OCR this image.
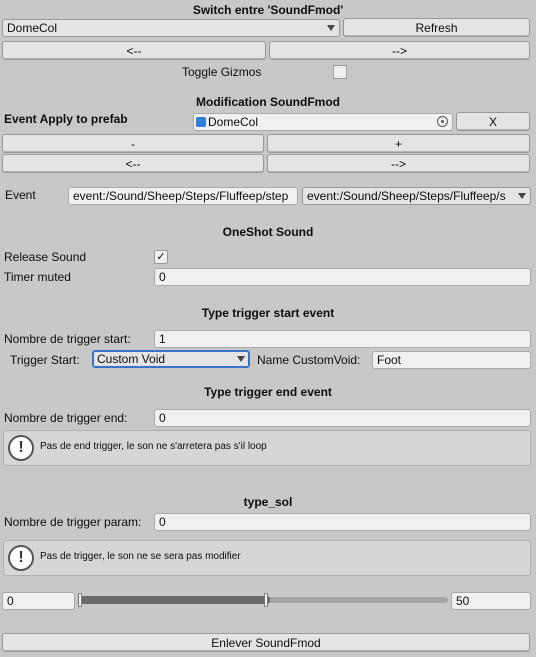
Switch entre 'SoundFmod'
DomeCol	Refresh
<--	-->
Toggle Gizmos
Modification SoundFmod
Event Apply to prefab	DomeCol	X
-	+
<--	-->
Event	event:/Sound/Sheep/Steps/Fluffeep/step	event:/Sound/Sheep/Steps/Fluffeep/s
OneShot Sound
Release Sound	✓
Timer muted	0
Type trigger start event
Nombre de trigger start:	1
Trigger Start:	Custom Void	Name CustomVoid:	Foot
Type trigger end event
Nombre de trigger end:	0
!	Pas de end trigger, le son ne s'arretera pas s'il loop
type_sol
Nombre de trigger param:	0
!	Pas de trigger, le son ne se sera pas modifier
0	50
Enlever SoundFmod
